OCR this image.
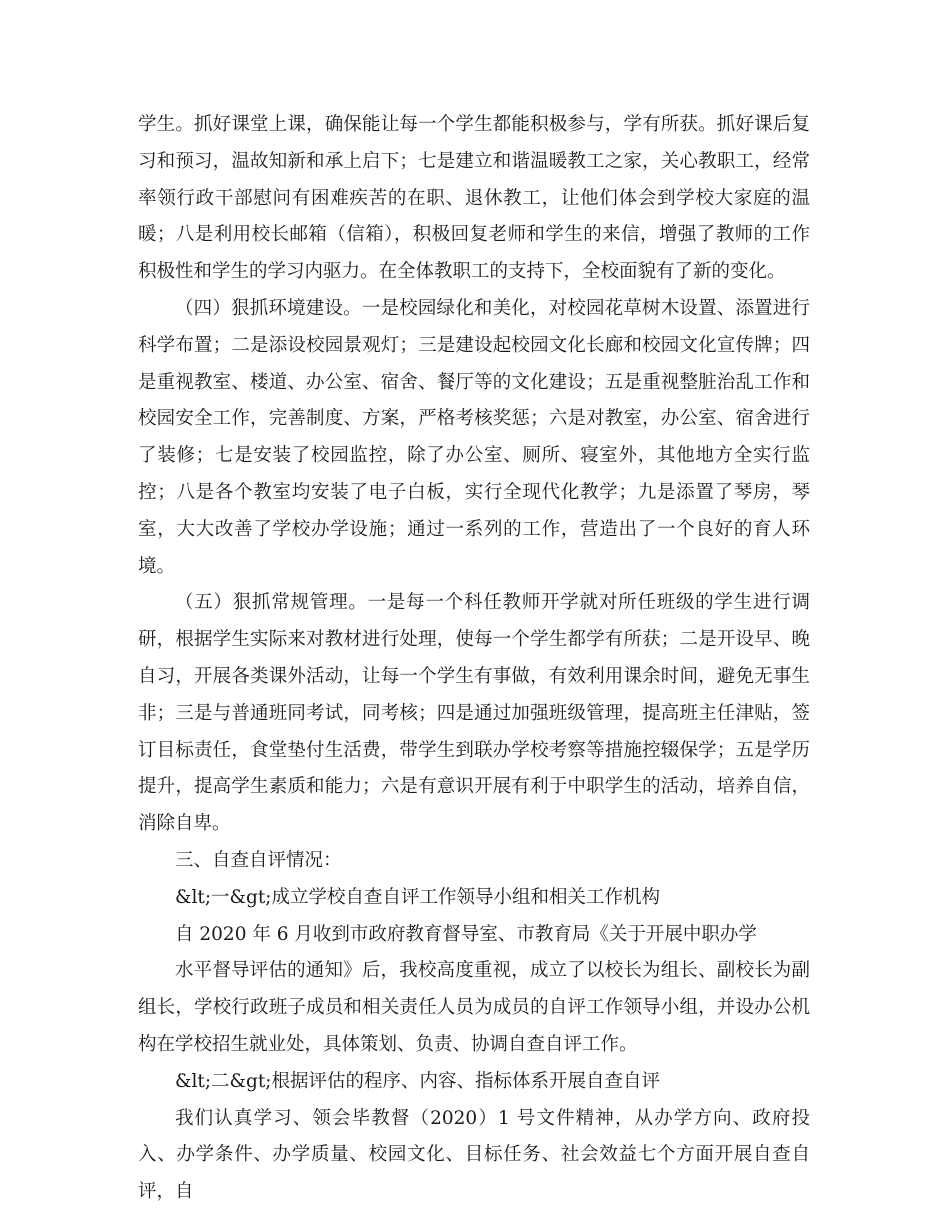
学生。抓好课堂上课，确保能让每一个学生都能积极参与，学有所获。抓好课后复习和预习，温故知新和承上启下；七是建立和谐温暖教工之家，关心教职工，经常率领行政干部慰问有困难疾苦的在职、退休教工，让他们体会到学校大家庭的温暖；八是利用校长邮箱（信箱），积极回复老师和学生的来信，增强了教师的工作积极性和学生的学习内驱力。在全体教职工的支持下，全校面貌有了新的变化。

（四）狠抓环境建设。一是校园绿化和美化，对校园花草树木设置、添置进行科学布置；二是添设校园景观灯；三是建设起校园文化长廊和校园文化宣传牌；四是重视教室、楼道、办公室、宿舍、餐厅等的文化建设；五是重视整脏治乱工作和校园安全工作，完善制度、方案，严格考核奖惩；六是对教室，办公室、宿舍进行了装修；七是安装了校园监控，除了办公室、厕所、寝室外，其他地方全实行监控；八是各个教室均安装了电子白板，实行全现代化教学；九是添置了琴房，琴室，大大改善了学校办学设施；通过一系列的工作，营造出了一个良好的育人环境。

（五）狠抓常规管理。一是每一个科任教师开学就对所任班级的学生进行调研，根据学生实际来对教材进行处理，使每一个学生都学有所获；二是开设早、晚自习，开展各类课外活动，让每一个学生有事做，有效利用课余时间，避免无事生非；三是与普通班同考试，同考核；四是通过加强班级管理，提高班主任津贴，签订目标责任，食堂垫付生活费，带学生到联办学校考察等措施控辍保学；五是学历提升，提高学生素质和能力；六是有意识开展有利于中职学生的活动，培养自信，消除自卑。

三、自查自评情况：

&lt;一&gt;成立学校自查自评工作领导小组和相关工作机构

自 2020 年 6 月收到市政府教育督导室、市教育局《关于开展中职办学

水平督导评估的通知》后，我校高度重视，成立了以校长为组长、副校长为副组长，学校行政班子成员和相关责任人员为成员的自评工作领导小组，并设办公机构在学校招生就业处，具体策划、负责、协调自查自评工作。

&lt;二&gt;根据评估的程序、内容、指标体系开展自查自评

我们认真学习、领会毕教督（2020）1 号文件精神，从办学方向、政府投入、办学条件、办学质量、校园文化、目标任务、社会效益七个方面开展自查自评，自
